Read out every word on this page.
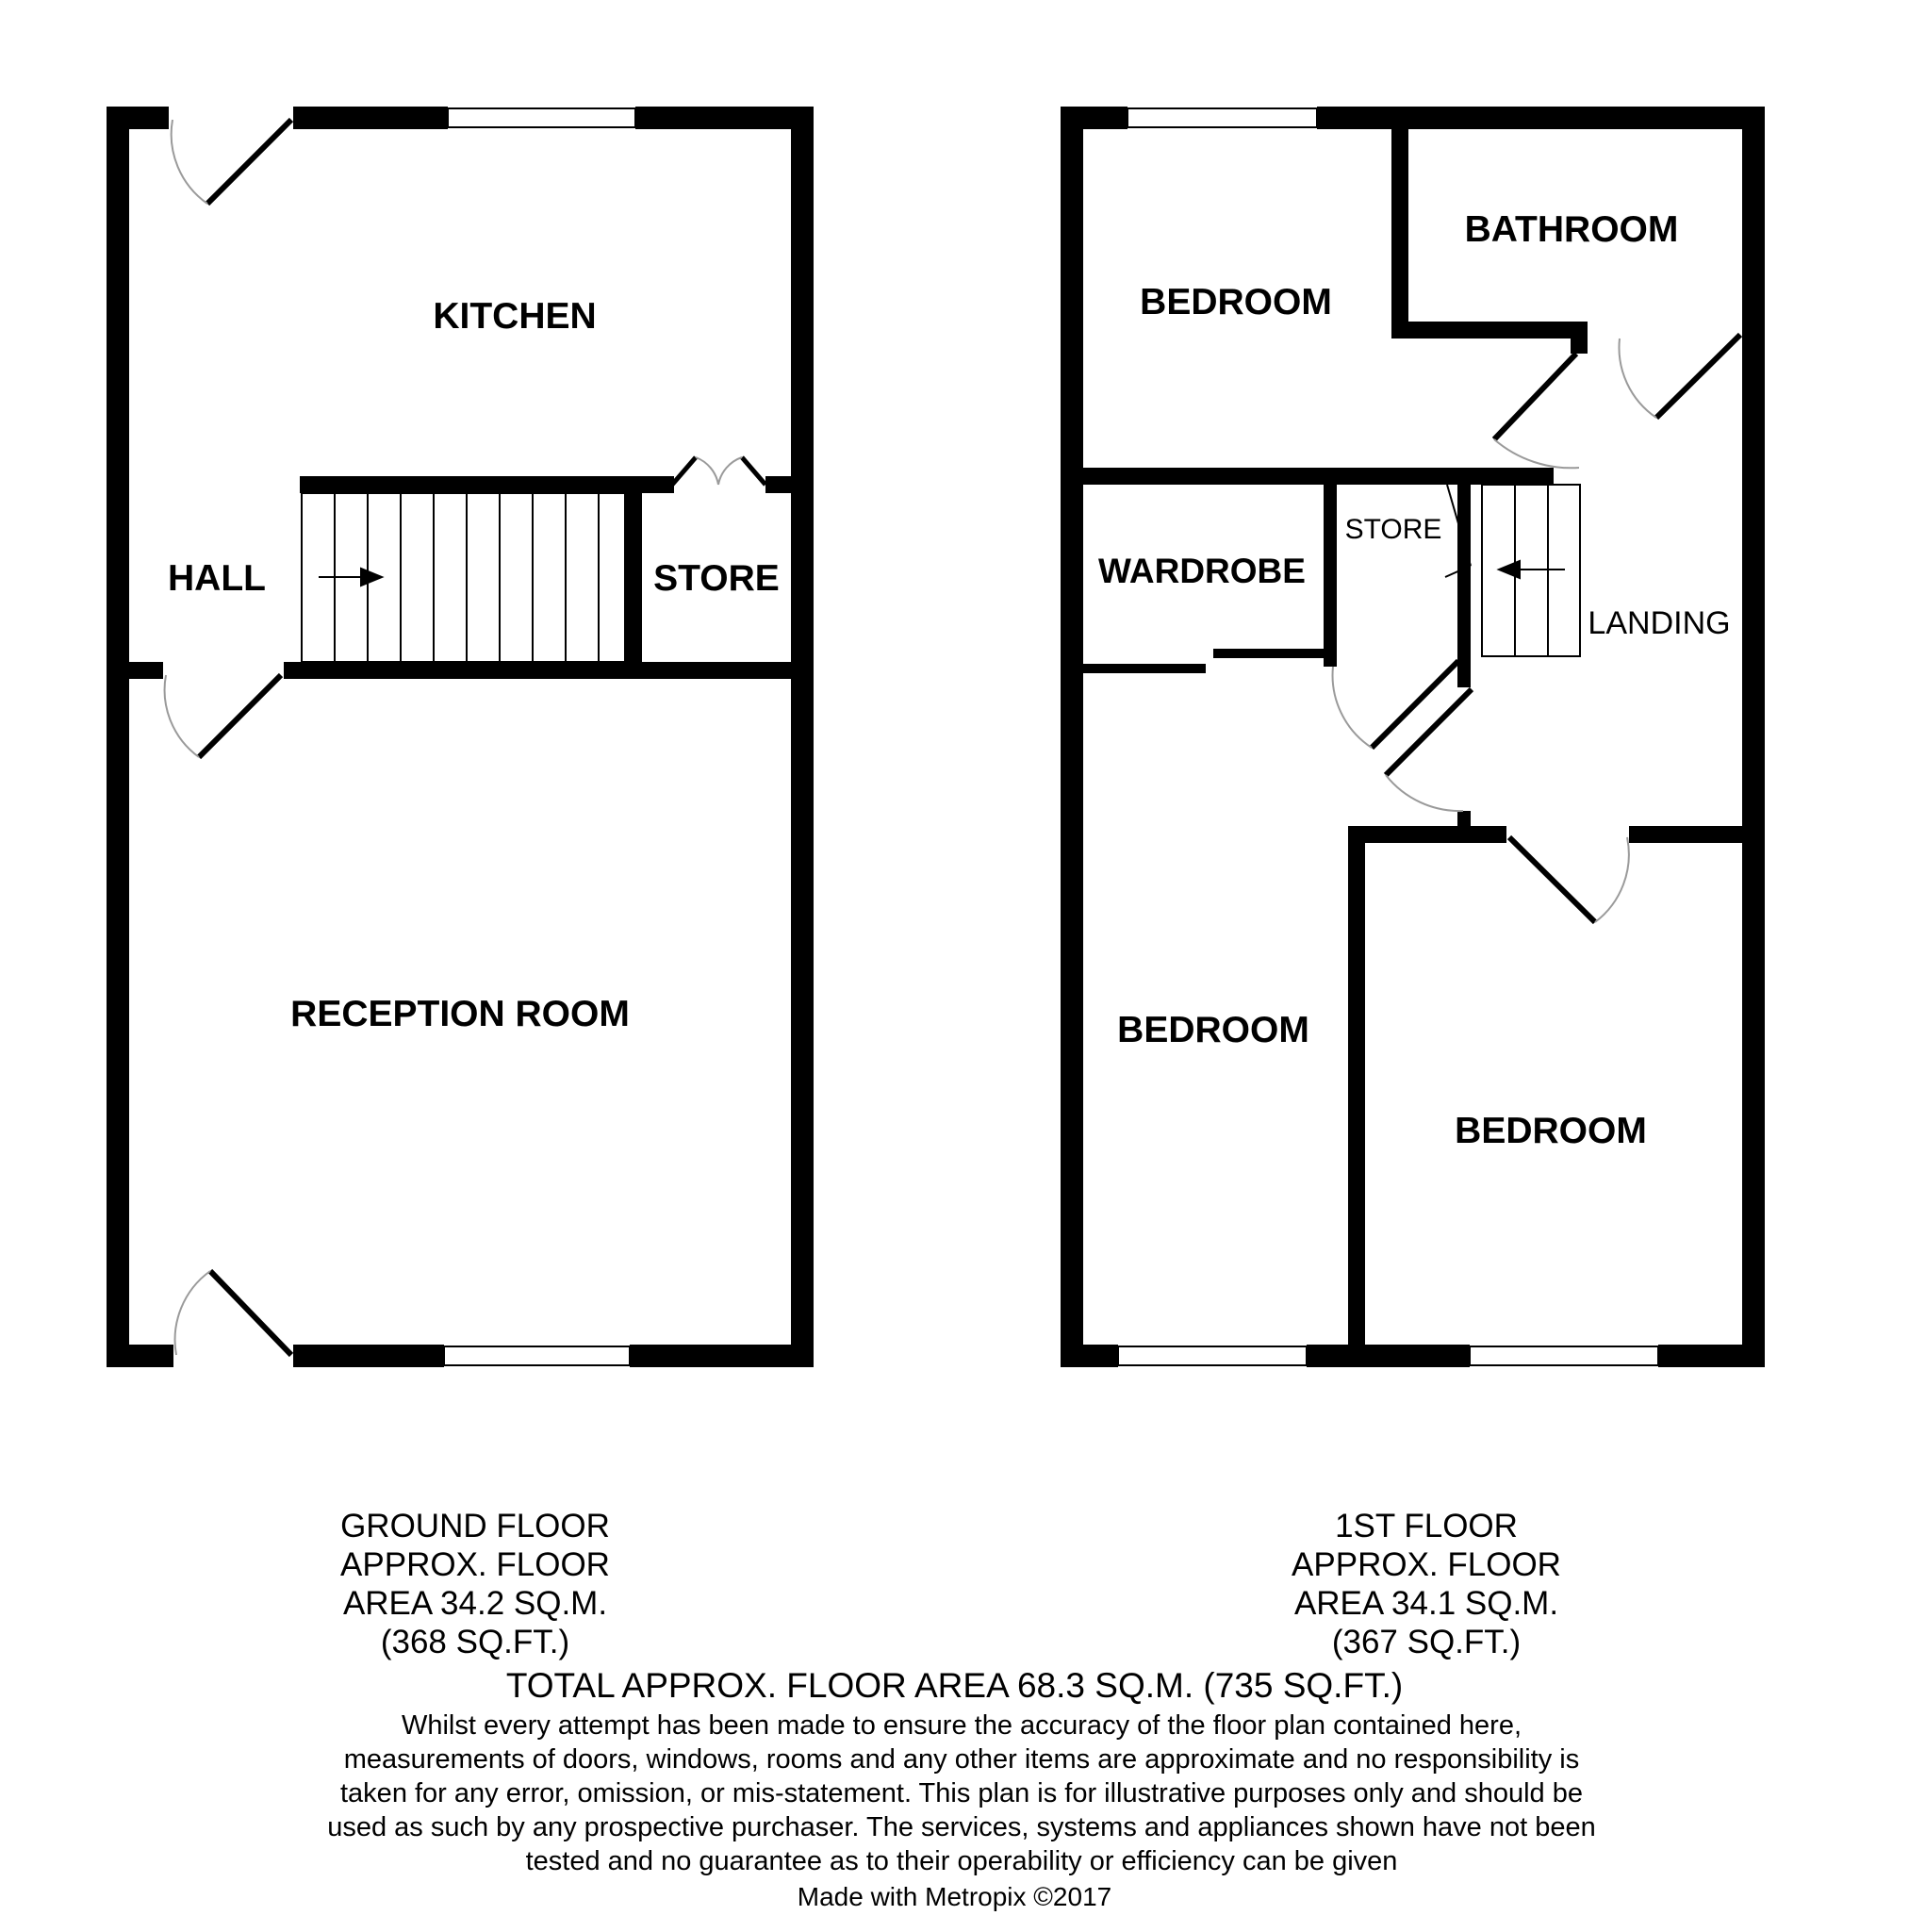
KITCHEN
HALL	STORE
RECEPTION ROOM
BEDROOM
BATHROOM
WARDROBE
STORE
LANDING
BEDROOM
BEDROOM
GROUND FLOOR
APPROX. FLOOR
AREA 34.2 SQ.M.
(368 SQ.FT.)
1ST FLOOR
APPROX. FLOOR
AREA 34.1 SQ.M.
(367 SQ.FT.)
TOTAL APPROX. FLOOR AREA 68.3 SQ.M. (735 SQ.FT.)
Whilst every attempt has been made to ensure the accuracy of the floor plan contained here, measurements of doors, windows, rooms and any other items are approximate and no responsibility is taken for any error, omission, or mis-statement. This plan is for illustrative purposes only and should be used as such by any prospective purchaser. The services, systems and appliances shown have not been tested and no guarantee as to their operability or efficiency can be given
Made with Metropix ©2017
